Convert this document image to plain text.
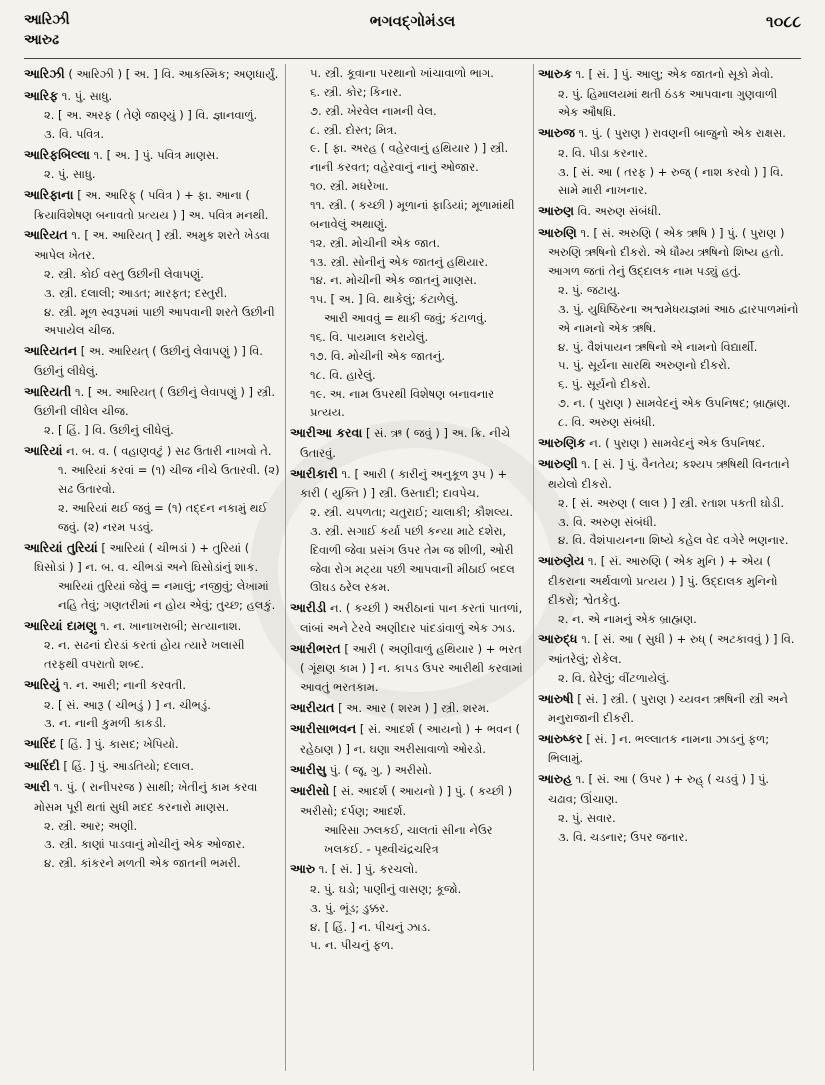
આરિઝી
આરુઢ
ભગવદ્ગોમંડલ	૧૦૮૮
આરિઝી ( આરિઝી ) [ અ. ] વિ. આકસ્મિક; અણધાર્યું.
આરિફ ૧. પું. સાધુ.
૨. [ અ. અરફ ( તેણે જાણ્યું ) ] વિ. જ્ઞાનવાળું.
૩. વિ. પવિત્ર.
આરિફબિલ્લા ૧. [ અ. ] પું. પવિત્ર માણસ.
૨. પું. સાધુ.
આરિફાના [ અ. આરિફ્ ( પવિત્ર ) + ફા. આના ( ક્રિયાવિશેષણ બનાવતો પ્રત્યય ) ] અ. પવિત્ર મનથી.
આરિયત ૧. [ અ. આરિયત્ ] સ્ત્રી. અમુક શરતે ખેડવા આપેલ ખેતર.
૨. સ્ત્રી. કોઈ વસ્તુ ઉછીની લેવાપણું.
૩. સ્ત્રી. દલાલી; આડત; મારફત; દસ્તુરી.
૪. સ્ત્રી. મૂળ સ્વરૂપમાં પાછી આપવાની શરતે ઉછીની અપાયેલ ચીજ.
આરિયતન [ અ. આરિયત્ ( ઉછીનું લેવાપણું ) ] વિ. ઉછીનું લીધેલું.
આરિયતી ૧. [ અ. આરિયત્ ( ઉછીનું લેવાપણું ) ] સ્ત્રી. ઉછીની લીધેલ ચીજ.
૨. [ હિં. ] વિ. ઉછીનું લીધેલું.
આરિયાં ન. બ. વ. ( વહાણવટું ) સઢ ઉતારી નાખવો તે.
૧. આરિયાં કરવાં = (૧) ચીજ નીચે ઉતારવી. (૨) સઢ ઉતારવો.
૨. આરિયાં થઈ જવું = (૧) તદ્દન નકામું થઈ જવું. (૨) નરમ પડવું.
આરિયાં તુરિયાં [ આરિયાં ( ચીભડાં ) + તુરિયાં ( ઘિસોડાં ) ] ન. બ. વ. ચીભડાં અને ઘિસોડાંનું શાક.
આરિયાં તુરિયાં જેવું = નમાલું; નજીવું; લેખામાં નહિ તેવું; ગણતરીમાં ન હોય એવું; તુચ્છ; હલકું.
આરિયાં દામણુ ૧. ન. ખાનાખરાબી; સત્યાનાશ.
૨. ન. સઢનાં દોરડાં કરતાં હોય ત્યારે ખલાસી તરફથી વપરાતો શબ્દ.
આરિયું ૧. ન. આરી; નાની કરવતી.
૨. [ સં. આરૂ ( ચીભડું ) ] ન. ચીભડું.
૩. ન. નાની કુમળી કાકડી.
આરિંદ [ હિં. ] પું. કાસદ; ખેપિયો.
આરિંદી [ હિં. ] પું. આડતિયો; દલાલ.
આરી ૧. પું. ( રાનીપરજ ) સાથી; ખેતીનું કામ કરવા મોસમ પૂરી થતાં સુધી મદદ કરનારો માણસ.
૨. સ્ત્રી. આર; અણી.
૩. સ્ત્રી. કાણાં પાડવાનું મોચીનું એક ઓજાર.
૪. સ્ત્રી. કાંકરને મળતી એક જાતની ભમરી.
૫. સ્ત્રી. કૂવાના પરથાનો ખાંચાવાળો ભાગ.
૬. સ્ત્રી. કોર; કિનાર.
૭. સ્ત્રી. ખેરવેલ નામની વેલ.
૮. સ્ત્રી. દોસ્ત; મિત્ર.
૯. [ ફા. અરહ ( વહેરવાનું હથિયાર ) ] સ્ત્રી. નાની કરવત; વહેરવાનું નાનું ઓજાર.
૧૦. સ્ત્રી. મધરેખા.
૧૧. સ્ત્રી. ( કચ્છી ) મૂળાનાં ફાડિયાં; મૂળામાંથી બનાવેલું અથાણું.
૧૨. સ્ત્રી. મોચીની એક જાત.
૧૩. સ્ત્રી. સોનીનું એક જાતનું હથિયાર.
૧૪. ન. મોચીની એક જાતનું માણસ.
૧૫. [ અ. ] વિ. થાકેલું; કંટાળેલું.
આરી આવવું = થાકી જવું; કંટાળવું.
૧૬. વિ. પાયમાલ કરાયેલું.
૧૭. વિ. મોચીની એક જાતનું.
૧૮. વિ. હારેલું.
૧૯. અ. નામ ઉપરથી વિશેષણ બનાવનાર પ્રત્યય.
આરીઆ કરવા [ સં. ઋ ( જવું ) ] અ. ક્રિ. નીચે ઉતારવું.
આરીકારી ૧. [ આરી ( કારીનું અનુકૂળ રૂપ ) + કારી ( યુક્તિ ) ] સ્ત્રી. ઉસ્તાદી; દાવપેચ.
૨. સ્ત્રી. ચપળતા; ચતુરાઈ; ચાલાકી; કૌશલ્ય.
૩. સ્ત્રી. સગાઈ કર્યા પછી કન્યા માટે દશેરા, દિવાળી જેવા પ્રસંગ ઉપર તેમ જ શીળી, ઓરી જેવા રોગ મટ્યા પછી આપવાની મીઠાઈ બદલ ઊઘડ ઠરેલ રકમ.
આરીડી ન. ( કચ્છી ) અરીઠાનાં પાન કરતાં પાતળાં, લાંબાં અને ટેરવે અણીદાર પાંદડાંવાળું એક ઝાડ.
આરીભરત [ આરી ( અણીવાળું હથિયાર ) + ભરત ( ગૂંથણ કામ ) ] ન. કાપડ ઉપર આરીથી કરવામાં આવતું ભરતકામ.
આરીયત [ અ. આર ( શરમ ) ] સ્ત્રી. શરમ.
આરીસાભવન [ સં. આદર્શ ( આયનો ) + ભવન ( રહેઠાણ ) ] ન. ઘણા અરીસાવાળો ઓરડો.
આરીસુ પું. ( જૂ. ગુ. ) અરીસો.
આરીસો [ સં. આદર્શ ( આયનો ) ] પું. ( કચ્છી ) અરીસો; દર્પણ; આદર્શ.
આરિસા ઝલકઈ, ચાલતાં સીના નેઉર ખલકઈ. ‑ પૃથ્વીચંદ્રચરિત્ર
આરુ ૧. [ સં. ] પું. કરચલો.
૨. પું. ઘડો; પાણીનું વાસણ; કૂજો.
૩. પું. ભૂંડ; ડુક્કર.
૪. [ હિં. ] ન. પીચનું ઝાડ.
૫. ન. પીચનું ફળ.
આરુક ૧. [ સં. ] પું. આલુ; એક જાતનો સૂકો મેવો.
૨. પું. હિમાલયમાં થતી ઠંડક આપવાના ગુણવાળી એક ઔષધિ.
આરુજ ૧. પું. ( પુરાણ ) રાવણની બાજુનો એક રાક્ષસ.
૨. વિ. પીડા કરનાર.
૩. [ સં. આ ( તરફ ) + રુજ્ ( નાશ કરવો ) ] વિ. સામે મારી નાખનાર.
આરુણ વિ. અરુણ સંબંધી.
આરુણિ ૧. [ સં. અરુણિ ( એક ઋષિ ) ] પું. ( પુરાણ ) અરુણિ ઋષિનો દીકરો. એ ધૌમ્ય ઋષિનો શિષ્ય હતો. આગળ જતાં તેનું ઉદ્દાલક નામ પડ્યું હતું.
૨. પું. જટાયુ.
૩. પું. યુધિષ્ઠિરના અશ્વમેધયજ્ઞમાં આઠ દ્વારપાળમાંનો એ નામનો એક ઋષિ.
૪. પું. વૈશંપાયન ઋષિનો એ નામનો વિદ્યાર્થી.
૫. પું. સૂર્યના સારથિ અરુણનો દીકરો.
૬. પું. સૂર્યનો દીકરો.
૭. ન. ( પુરાણ ) સામવેદનું એક ઉપનિષદ; બ્રાહ્મણ.
૮. વિ. અરુણ સંબંધી.
આરુણિક ન. ( પુરાણ ) સામવેદનું એક ઉપનિષદ.
આરુણી ૧. [ સં. ] પું. વૈનતેય; કશ્યપ ઋષિથી વિનતાને થયેલો દીકરો.
૨. [ સં. અરુણ ( લાલ ) ] સ્ત્રી. રતાશ પકતી ઘોડી.
૩. વિ. અરુણ સંબંધી.
૪. વિ. વૈશંપાયનના શિષ્યે કહેલ વેદ વગેરે ભણનાર.
આરુણેય ૧. [ સં. આરુણિ ( એક મુનિ ) + એય ( દીકરાના અર્થવાળો પ્રત્યય ) ] પું. ઉદ્દાલક મુનિનો દીકરો; શ્વેતકેતુ.
૨. ન. એ નામનું એક બ્રાહ્મણ.
આરુદ્ધ ૧. [ સં. આ ( સુધી ) + રુધ્ ( અટકાવવું ) ] વિ. આંતરેલું; રોકેલ.
૨. વિ. ઘેરેલું; વીંટળાયેલું.
આરુષી [ સં. ] સ્ત્રી. ( પુરાણ ) ચ્યવન ઋષિની સ્ત્રી અને મનુરાજાની દીકરી.
આરુષ્કર [ સં. ] ન. ભલ્લાતક નામના ઝાડનું ફળ; ભિલામું.
આરુહ ૧. [ સં. આ ( ઉપર ) + રુહ્ ( ચડવું ) ] પું. ચઢાવ; ઊંચાણ.
૨. પું. સવાર.
૩. વિ. ચડનાર; ઉપર જનાર.
